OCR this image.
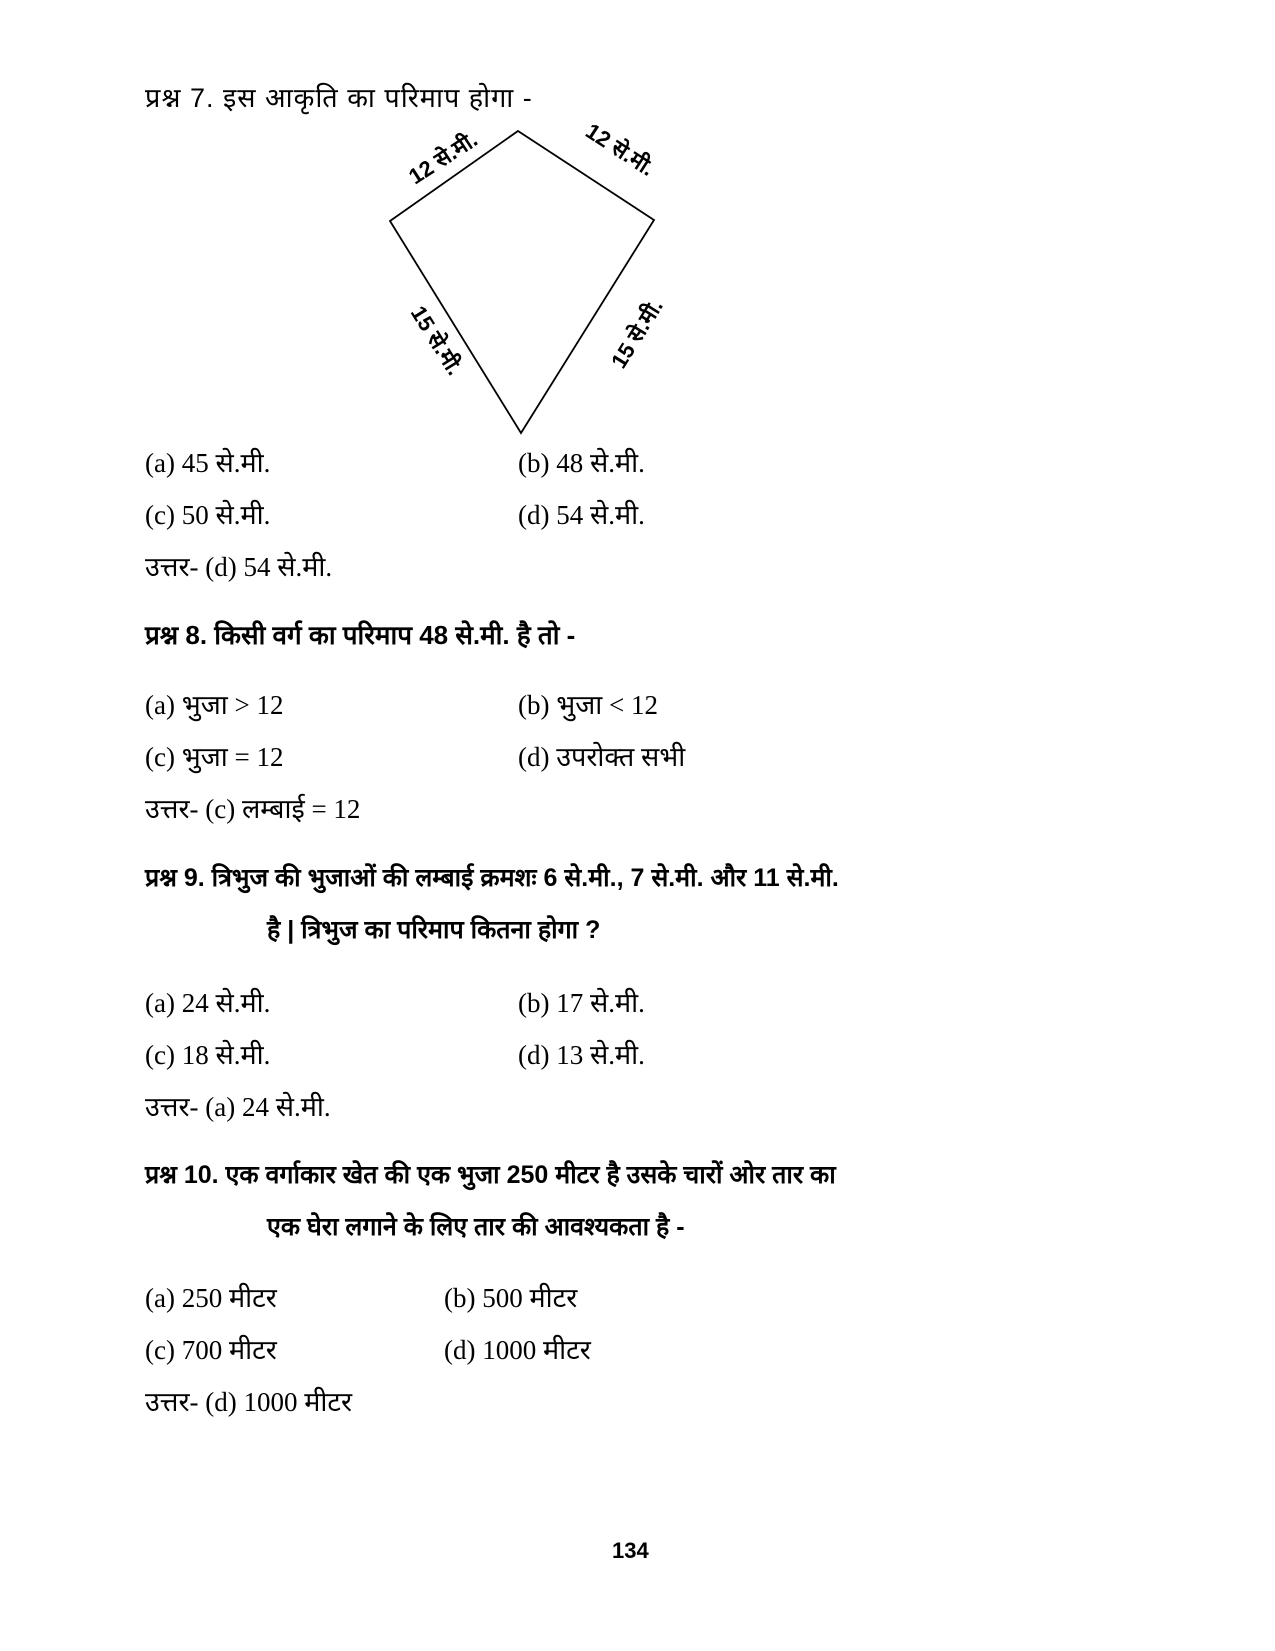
प्रश्न 7. इस आकृति का परिमाप होगा -
12 से.मी.	12 से.मी.
15 से.मी.	15 से.मी.
(a) 45 से.मी.	(b) 48 से.मी.
(c) 50 से.मी.	(d) 54 से.मी.
उत्तर- (d) 54 से.मी.
प्रश्न 8. किसी वर्ग का परिमाप 48 से.मी. है तो -
(a) भुजा > 12	(b) भुजा < 12
(c) भुजा = 12	(d) उपरोक्त सभी
उत्तर- (c) लम्बाई = 12
प्रश्न 9. त्रिभुज की भुजाओं की लम्बाई क्रमशः 6 से.मी., 7 से.मी. और 11 से.मी.
है | त्रिभुज का परिमाप कितना होगा ?
(a) 24 से.मी.	(b) 17 से.मी.
(c) 18 से.मी.	(d) 13 से.मी.
उत्तर- (a) 24 से.मी.
प्रश्न 10. एक वर्गाकार खेत की एक भुजा 250 मीटर है उसके चारों ओर तार का
एक घेरा लगाने के लिए तार की आवश्यकता है -
(a) 250 मीटर	(b) 500 मीटर
(c) 700 मीटर	(d) 1000 मीटर
उत्तर- (d) 1000 मीटर
134
